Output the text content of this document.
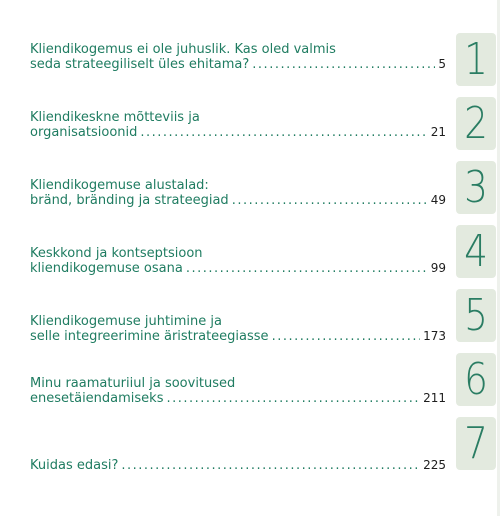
Kliendikogemus ei ole juhuslik. Kas oled valmis
seda strateegiliselt üles ehitama? .....	5
Kliendikeskne mõtteviis ja
organisatsioonid .....	21
Kliendikogemuse alustalad:
bränd, bränding ja strateegiad .....	49
Keskkond ja kontseptsioon
kliendikogemuse osana .....	99
Kliendikogemuse juhtimine ja
selle integreerimine äristrateegiasse .....	173
Minu raamaturiiul ja soovitused
enesetäiendamiseks .....	211
Kuidas edasi? .....	225
1
2
3
4
5
6
7
